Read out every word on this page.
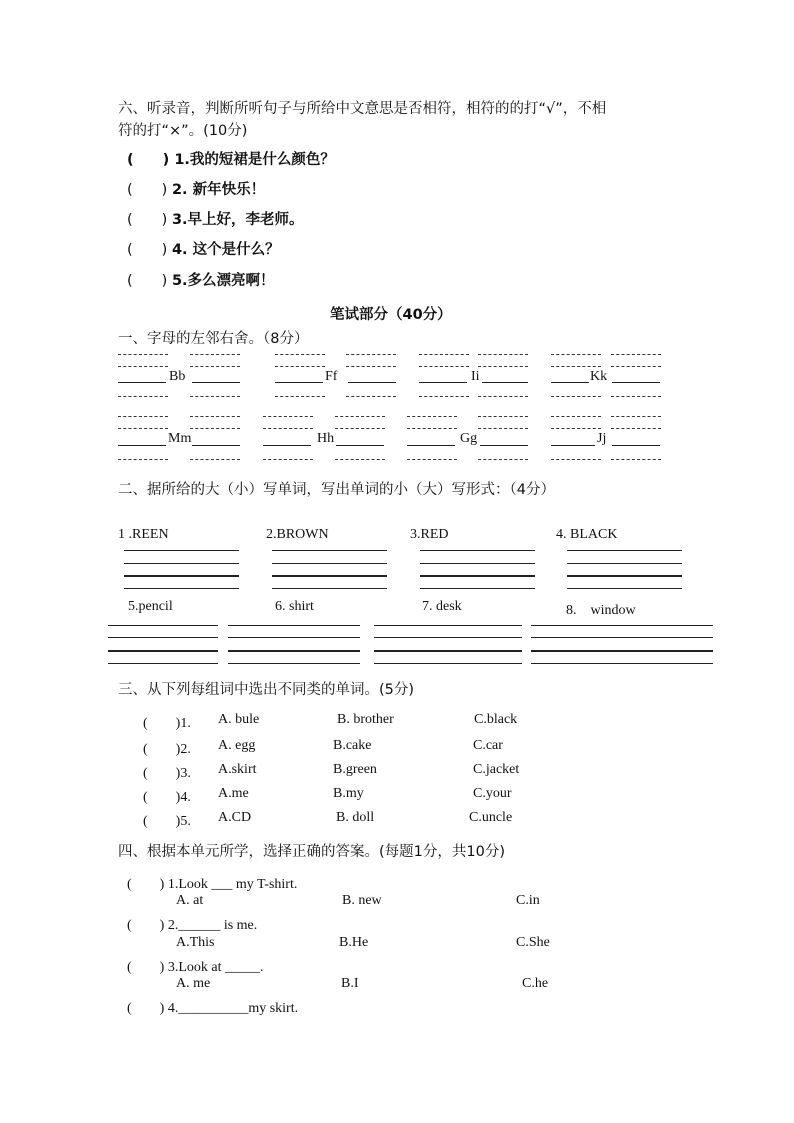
六、听录音，判断所听句子与所给中文意思是否相符，相符的的打“√”，不相
符的打“×”。(10分)
(　　) 1.我的短裙是什么颜色？
(　　) 2. 新年快乐！
(　　) 3.早上好，李老师。
(　　) 4. 这个是什么？
(　　) 5.多么漂亮啊！
笔试部分（40分）
一、字母的左邻右舍。（8分）
Bb	Ff	Ii	Kk
Mm	Hh	Gg	Jj
二、据所给的大（小）写单词，写出单词的小（大）写形式：（4分）
1 .REEN	2.BROWN	3.RED	4. BLACK
5.pencil	6. shirt	7. desk	8.　window
三、从下列每组词中选出不同类的单词。(5分)
(　　)1. A. bule	B. brother	C.black
(　　)2. A. egg	B.cake	C.car
(　　)3. A.skirt	B.green	C.jacket
(　　)4. A.me	B.my	C.your
(　　)5. A.CD	B. doll	C.uncle
四、根据本单元所学，选择正确的答案。(每题1分，共10分)
(　　) 1.Look ___ my T-shirt.
A. at	B. new	C.in
(　　) 2.______ is me.
A.This	B.He	C.She
(　　) 3.Look at _____.
A. me	B.I	C.he
(　　) 4.__________my skirt.
